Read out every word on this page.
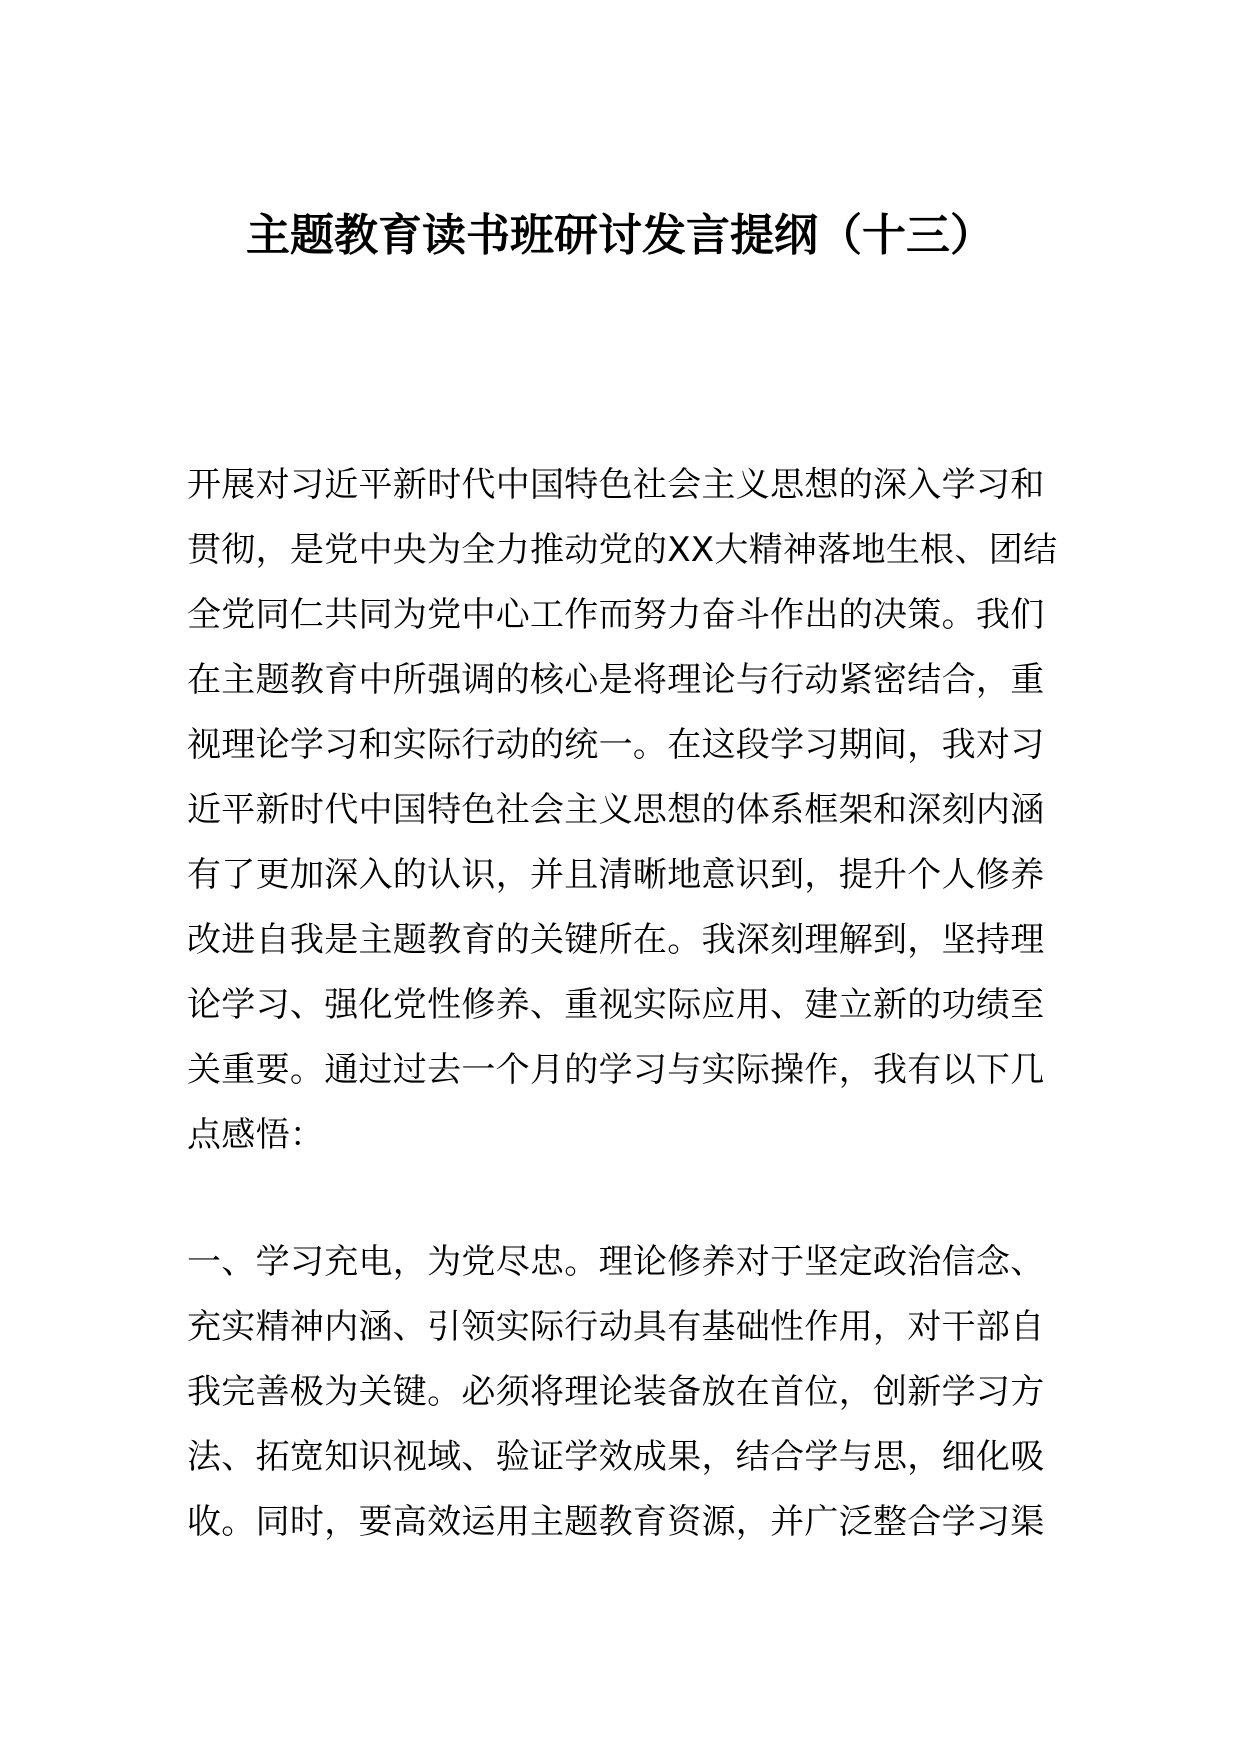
主题教育读书班研讨发言提纲（十三）
开展对习近平新时代中国特色社会主义思想的深入学习和
贯彻，是党中央为全力推动党的XX大精神落地生根、团结
全党同仁共同为党中心工作而努力奋斗作出的决策。我们
在主题教育中所强调的核心是将理论与行动紧密结合，重
视理论学习和实际行动的统一。在这段学习期间，我对习
近平新时代中国特色社会主义思想的体系框架和深刻内涵
有了更加深入的认识，并且清晰地意识到，提升个人修养
改进自我是主题教育的关键所在。我深刻理解到，坚持理
论学习、强化党性修养、重视实际应用、建立新的功绩至
关重要。通过过去一个月的学习与实际操作，我有以下几
点感悟：
一、学习充电，为党尽忠。理论修养对于坚定政治信念、
充实精神内涵、引领实际行动具有基础性作用，对干部自
我完善极为关键。必须将理论装备放在首位，创新学习方
法、拓宽知识视域、验证学效成果，结合学与思，细化吸
收。同时，要高效运用主题教育资源，并广泛整合学习渠
